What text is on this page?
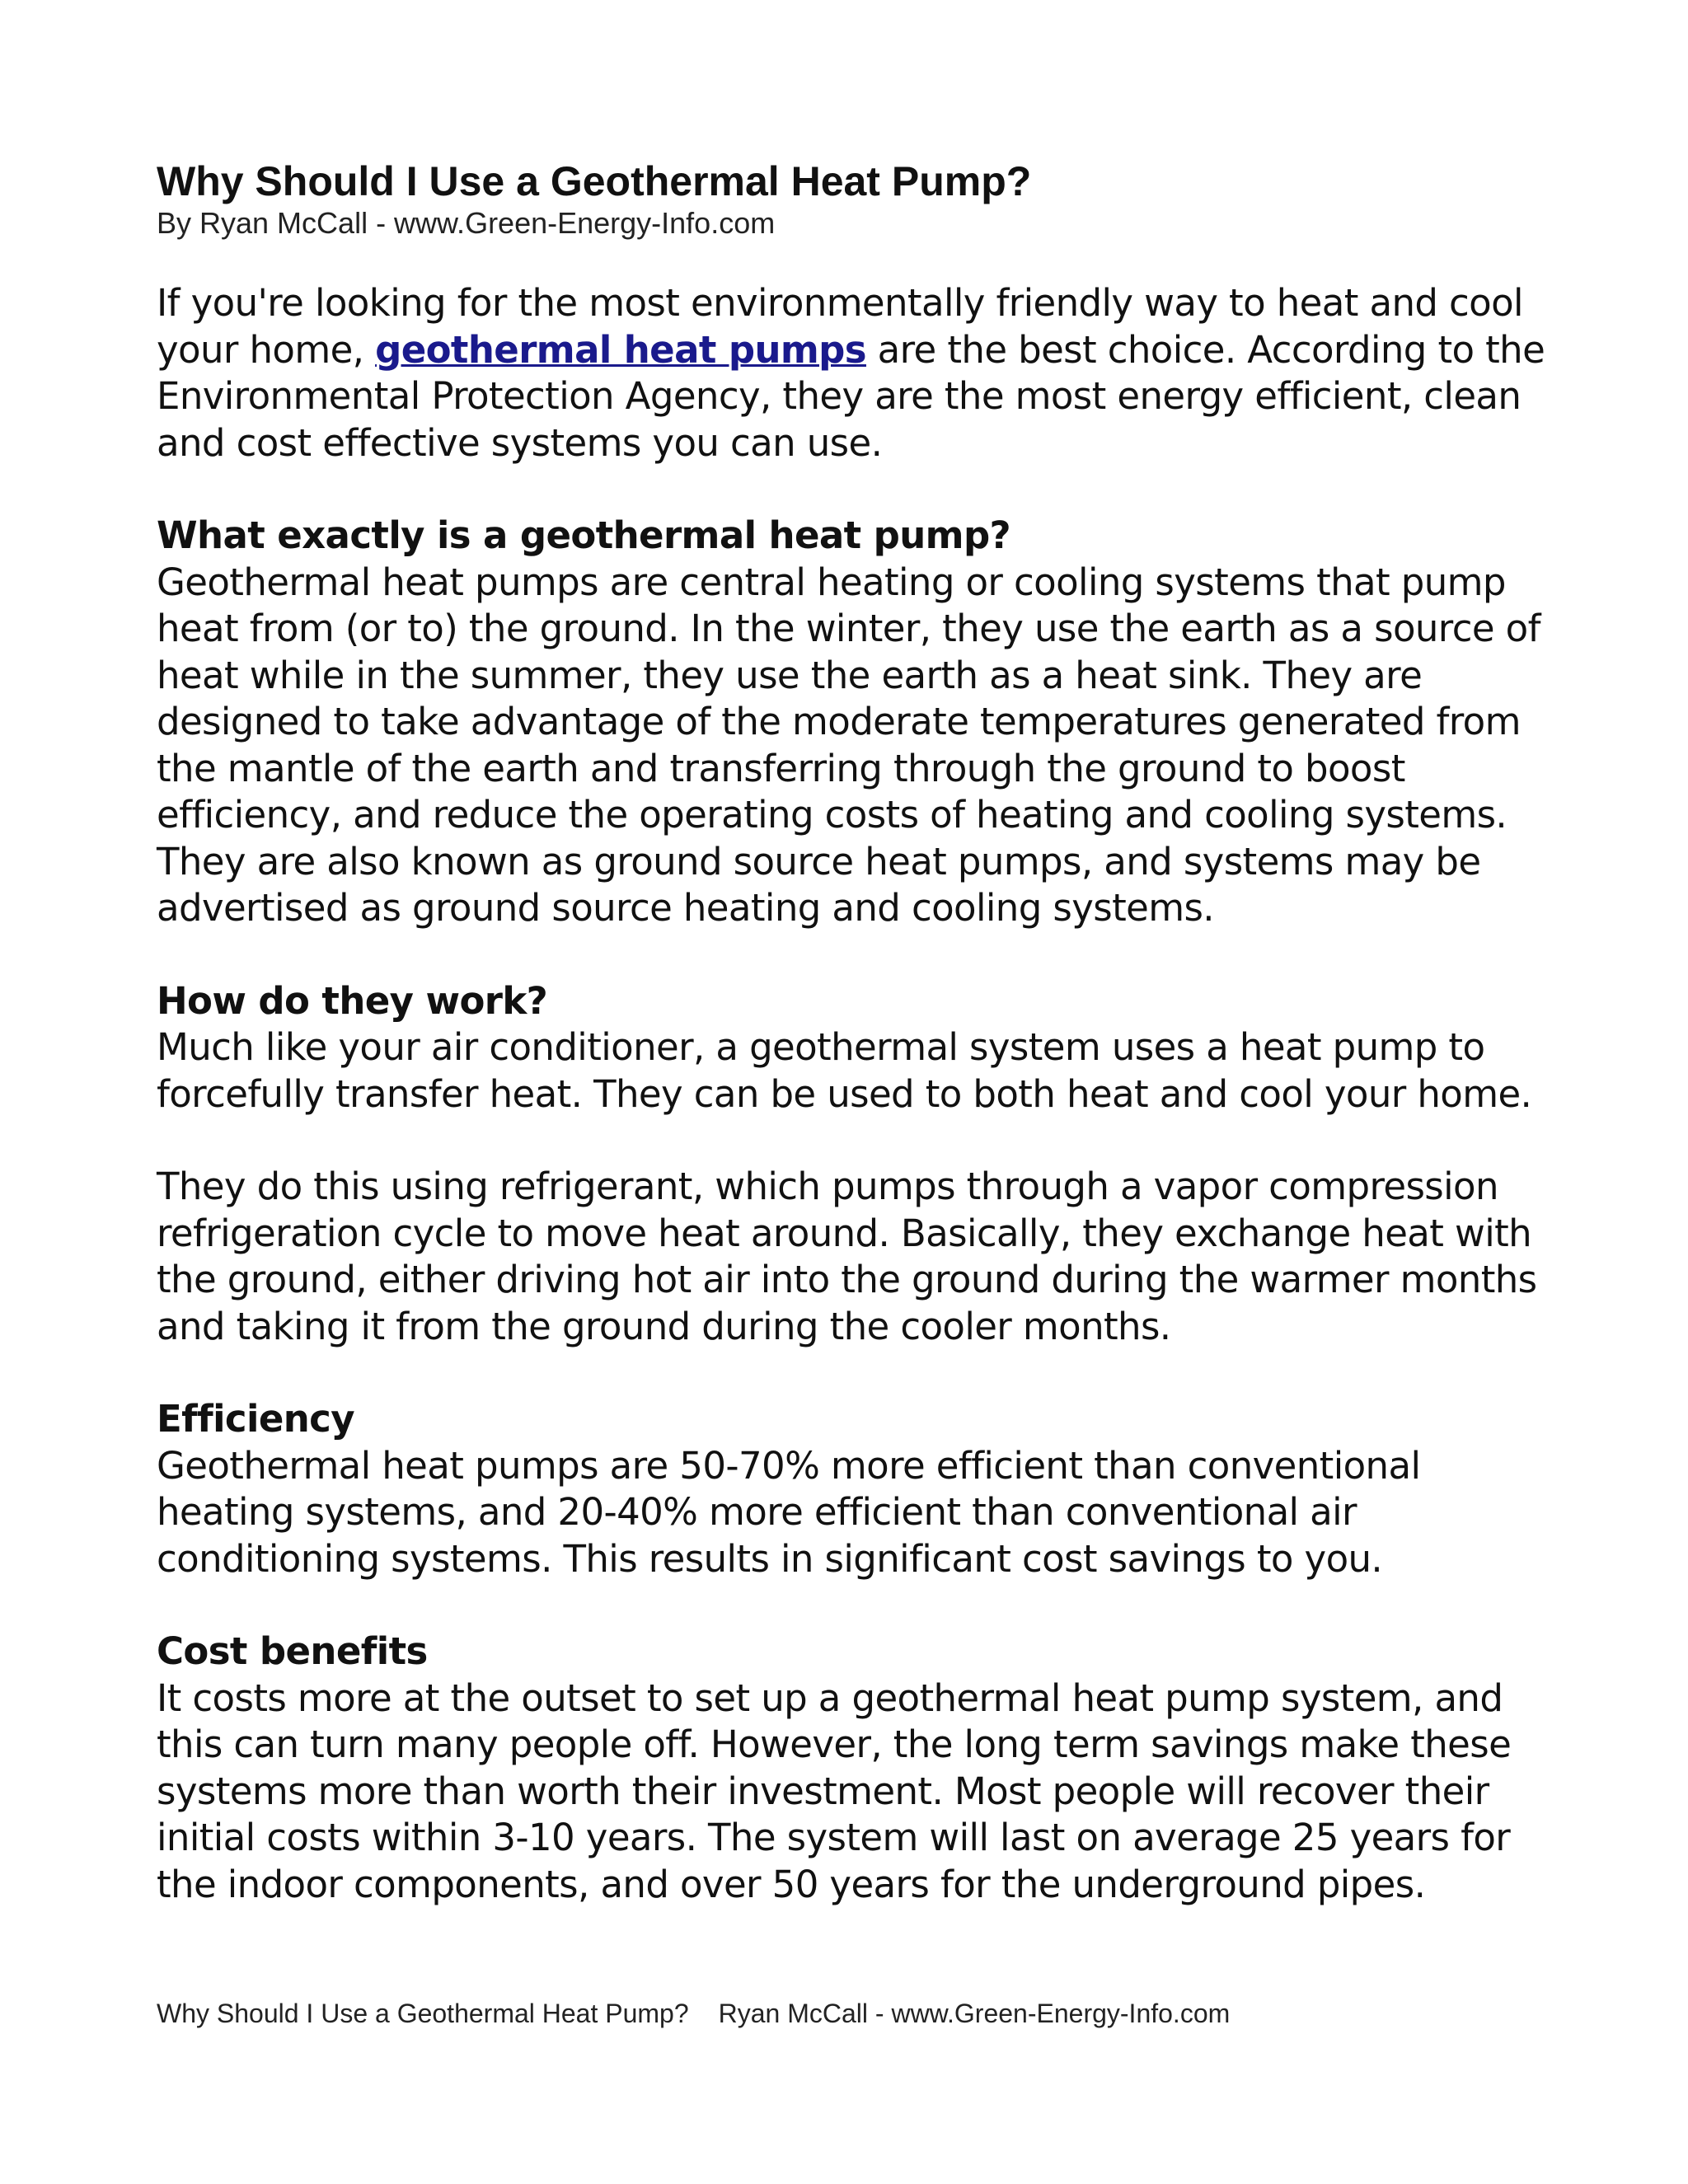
Why Should I Use a Geothermal Heat Pump?

By Ryan McCall - www.Green-Energy-Info.com

If you're looking for the most environmentally friendly way to heat and cool your home, geothermal heat pumps are the best choice. According to the Environmental Protection Agency, they are the most energy efficient, clean and cost effective systems you can use.

What exactly is a geothermal heat pump?

Geothermal heat pumps are central heating or cooling systems that pump heat from (or to) the ground. In the winter, they use the earth as a source of heat while in the summer, they use the earth as a heat sink. They are designed to take advantage of the moderate temperatures generated from the mantle of the earth and transferring through the ground to boost efficiency, and reduce the operating costs of heating and cooling systems. They are also known as ground source heat pumps, and systems may be advertised as ground source heating and cooling systems.

How do they work?

Much like your air conditioner, a geothermal system uses a heat pump to forcefully transfer heat. They can be used to both heat and cool your home.

They do this using refrigerant, which pumps through a vapor compression refrigeration cycle to move heat around. Basically, they exchange heat with the ground, either driving hot air into the ground during the warmer months and taking it from the ground during the cooler months.

Efficiency

Geothermal heat pumps are 50-70% more efficient than conventional heating systems, and 20-40% more efficient than conventional air conditioning systems. This results in significant cost savings to you.

Cost benefits

It costs more at the outset to set up a geothermal heat pump system, and this can turn many people off. However, the long term savings make these systems more than worth their investment. Most people will recover their initial costs within 3-10 years. The system will last on average 25 years for the indoor components, and over 50 years for the underground pipes.

Why Should I Use a Geothermal Heat Pump? Ryan McCall - www.Green-Energy-Info.com
